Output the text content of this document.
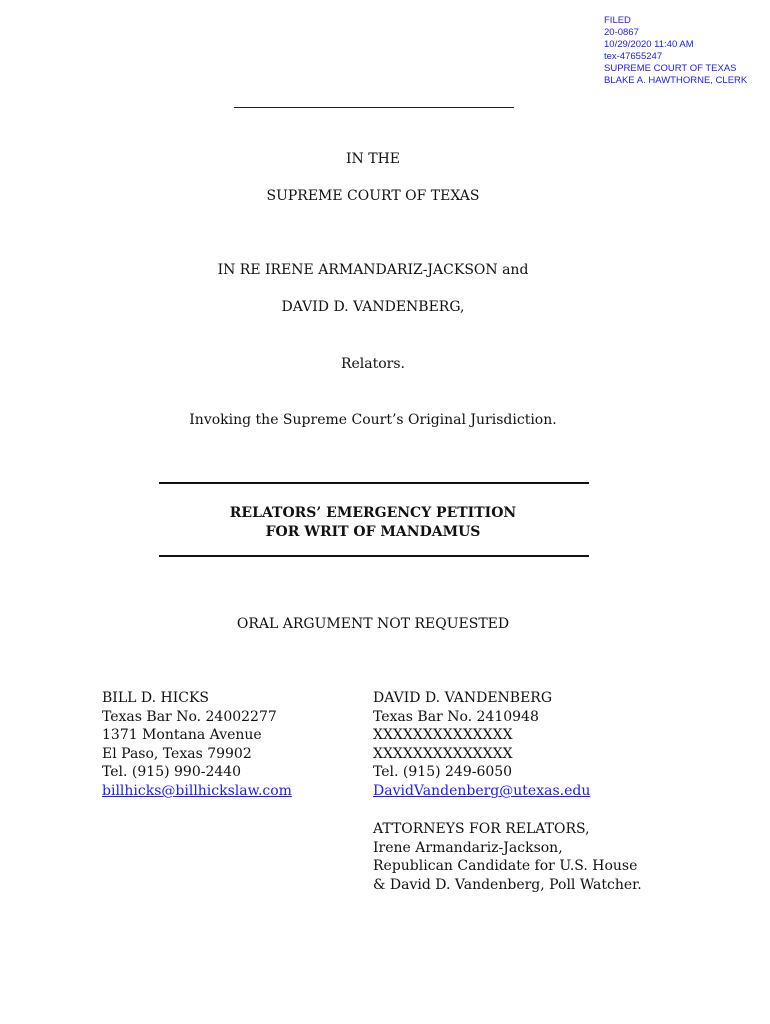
FILED
20-0867
10/29/2020 11:40 AM
tex-47655247
SUPREME COURT OF TEXAS
BLAKE A. HAWTHORNE, CLERK
IN THE
SUPREME COURT OF TEXAS
IN RE IRENE ARMANDARIZ-JACKSON and
DAVID D. VANDENBERG,
Relators.
Invoking the Supreme Court’s Original Jurisdiction.
RELATORS’ EMERGENCY PETITION
FOR WRIT OF MANDAMUS
ORAL ARGUMENT NOT REQUESTED
BILL D. HICKS
Texas Bar No. 24002277
1371 Montana Avenue
El Paso, Texas 79902
Tel. (915) 990-2440
billhicks@billhickslaw.com
DAVID D. VANDENBERG
Texas Bar No. 2410948
XXXXXXXXXXXXXX
XXXXXXXXXXXXXX
Tel. (915) 249-6050
DavidVandenberg@utexas.edu
ATTORNEYS FOR RELATORS,
Irene Armandariz-Jackson,
Republican Candidate for U.S. House
& David D. Vandenberg, Poll Watcher.
